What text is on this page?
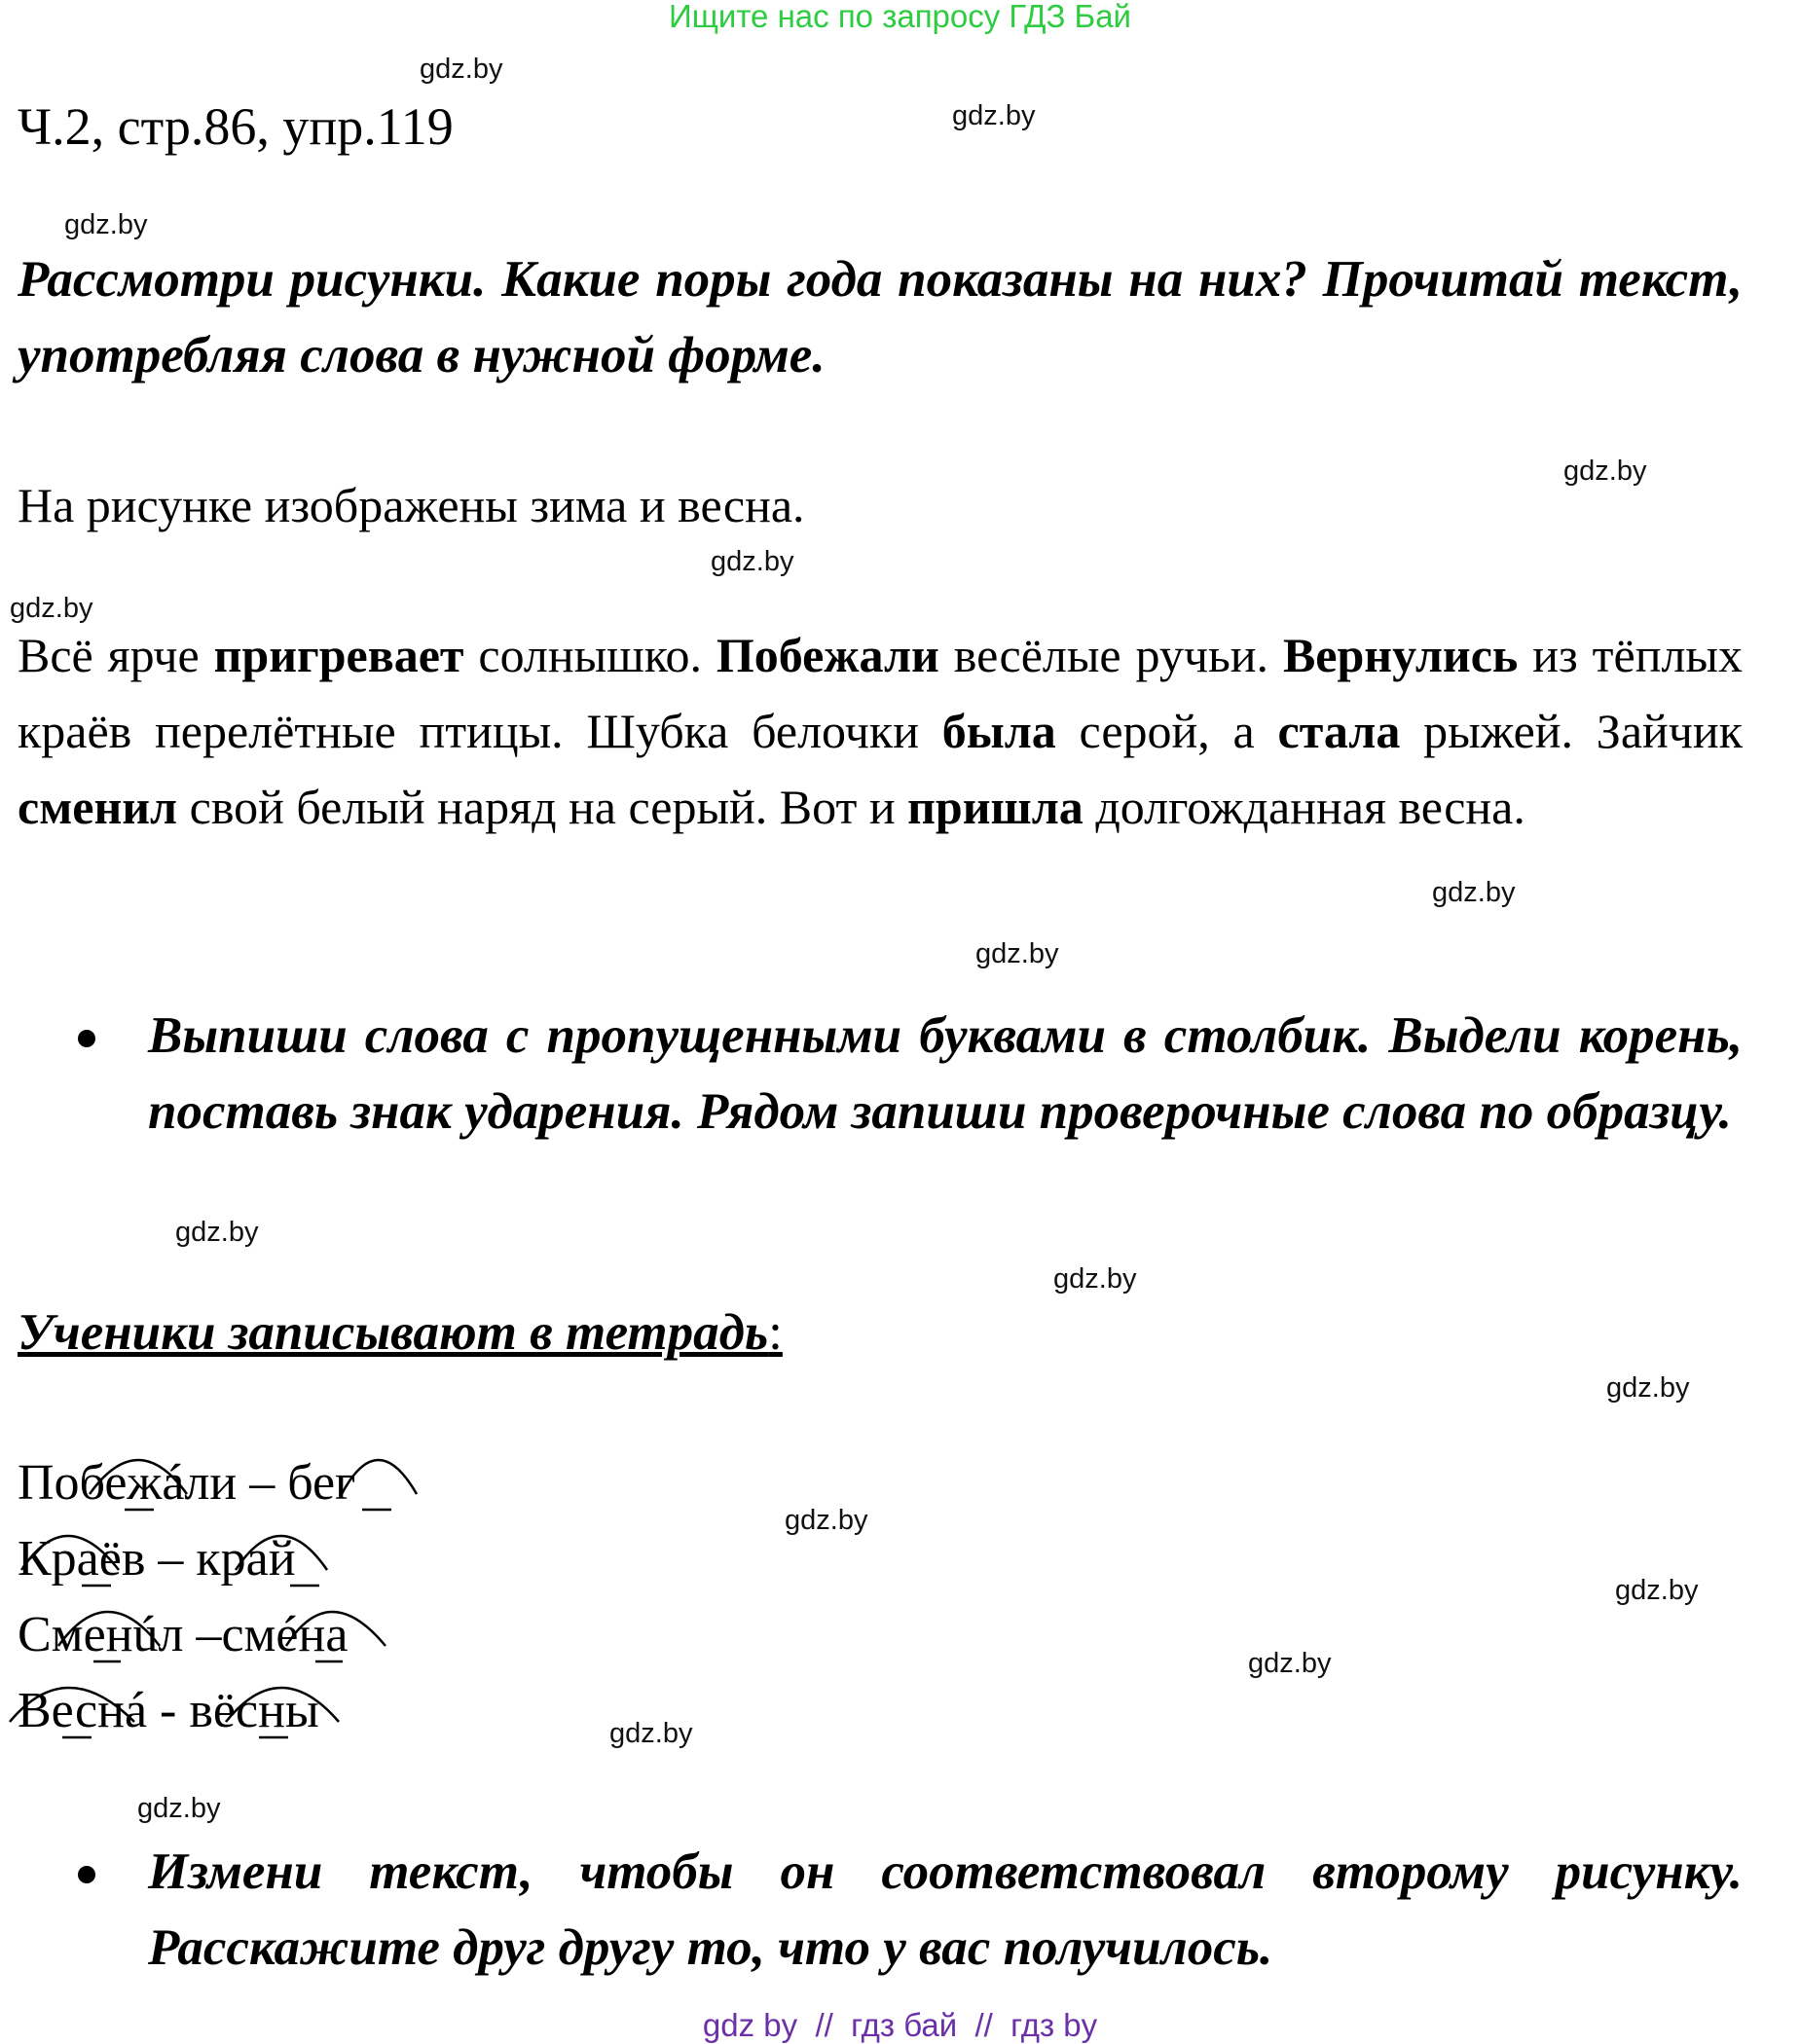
Ищите нас по запросу ГДЗ Бай
gdz.by
gdz.by
gdz.by
gdz.by
gdz.by
gdz.by
gdz.by
gdz.by
gdz.by
gdz.by
gdz.by
gdz.by
gdz.by
gdz.by
gdz.by
gdz.by
Ч.2, стр.86, упр.119
Рассмотри рисунки. Какие поры года показаны на них? Прочитай текст, употребляя слова в нужной форме.
На рисунке изображены зима и весна.
Всё ярче пригревает солнышко. Побежали весёлые ручьи. Вернулись из тёплых краёв перелётные птицы. Шубка белочки была серой, а стала рыжей. Зайчик сменил свой белый наряд на серый. Вот и пришла долгожданная весна.
Выпиши слова с пропущенными буквами в столбик. Выдели корень, поставь знак ударения. Рядом запиши проверочные слова по образцу.
Ученики записывают в тетрадь:
Побежáли – бег
Краёв – край
Сменúл –смéна
Веснá - вёсны
Измени текст, чтобы он соответствовал второму рисунку. Расскажите друг другу то, что у вас получилось.
gdz by  //  гдз бай  //  гдз by
